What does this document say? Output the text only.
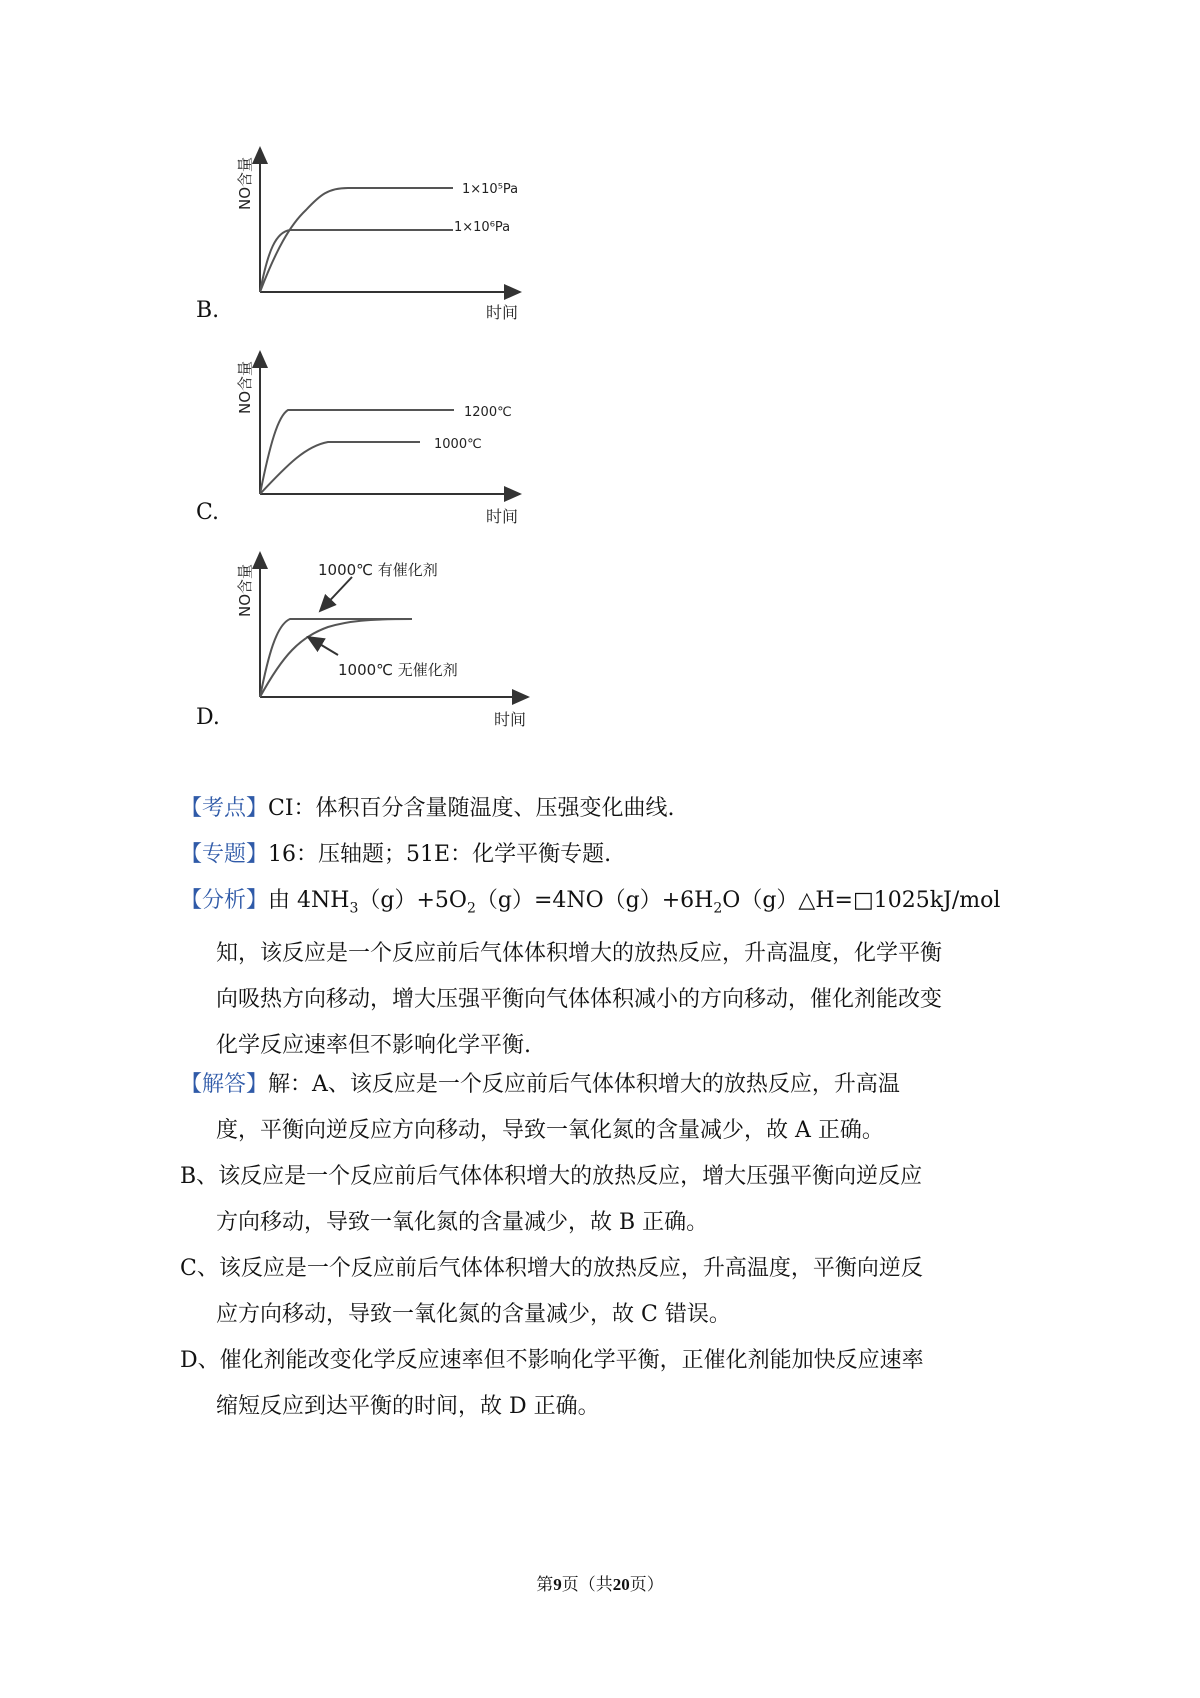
B.
NO含量
时间
1×10⁵Pa
1×10⁶Pa
C.
NO含量
时间
1200℃
1000℃
D.
NO含量
时间
1000℃ 有催化剂
1000℃ 无催化剂
【考点】CI：体积百分含量随温度、压强变化曲线.
【专题】16：压轴题；51E：化学平衡专题.
【分析】由 $4NH_3(g)+5O_2(g)=4NO(g)+6H_2O(g)\triangle H=□1025kJ$/mol
知，该反应是一个反应前后气体体积增大的放热反应，升高温度，化学平衡
向吸热方向移动，增大压强平衡向气体体积减小的方向移动，催化剂能改变
化学反应速率但不影响化学平衡.
【解答】解：A、该反应是一个反应前后气体体积增大的放热反应，升高温
度，平衡向逆反应方向移动，导致一氧化氮的含量减少，故 A 正确。
B、该反应是一个反应前后气体体积增大的放热反应，增大压强平衡向逆反应
方向移动，导致一氧化氮的含量减少，故 B 正确。
C、该反应是一个反应前后气体体积增大的放热反应，升高温度，平衡向逆反
应方向移动，导致一氧化氮的含量减少，故 C 错误。
D、催化剂能改变化学反应速率但不影响化学平衡，正催化剂能加快反应速率
缩短反应到达平衡的时间，故 D 正确。
第9页（共20页）
